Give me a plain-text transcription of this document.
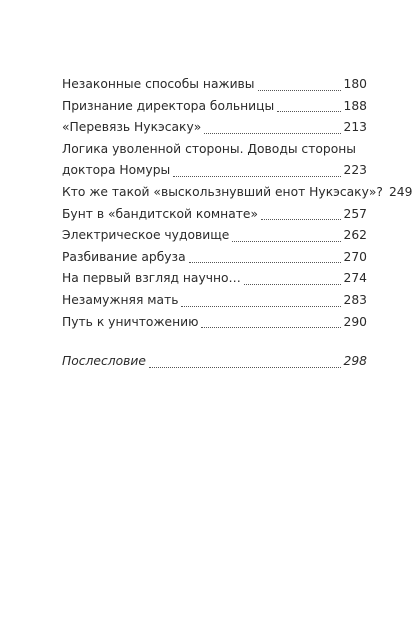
Незаконные способы наживы	180
Признание директора больницы	188
«Перевязь Нукэсаку»	213
Логика уволенной стороны. Доводы стороны
доктора Номуры	223
Кто же такой «выскользнувший енот Нукэсаку»? 249
Бунт в «бандитской комнате»	257
Электрическое чудовище	262
Разбивание арбуза	270
На первый взгляд научно…	274
Незамужняя мать	283
Путь к уничтожению	290
Послесловие	298
